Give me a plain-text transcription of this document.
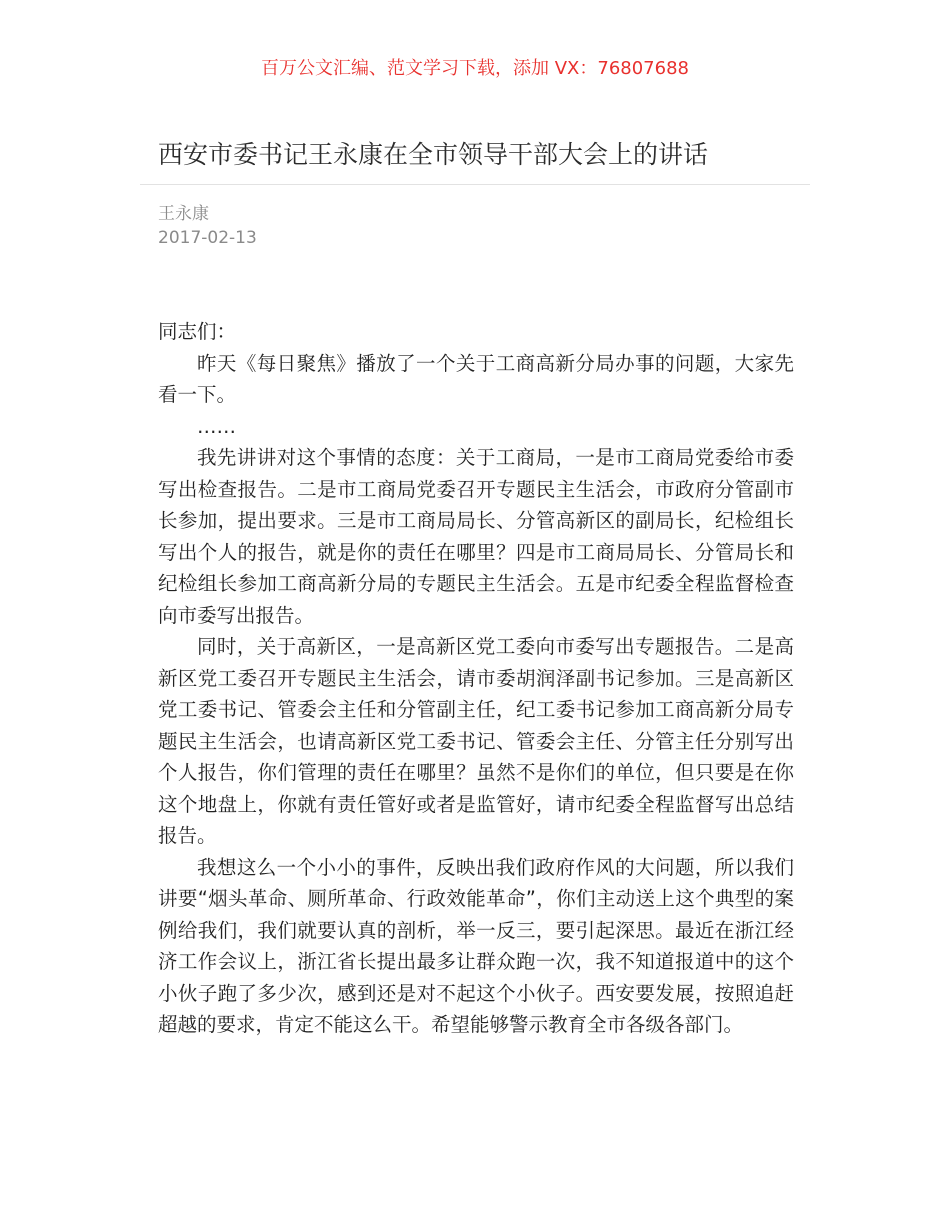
百万公文汇编、范文学习下载，添加 VX：76807688
西安市委书记王永康在全市领导干部大会上的讲话
王永康
2017-02-13

同志们：

昨天《每日聚焦》播放了一个关于工商高新分局办事的问题，大家先看一下。

……

我先讲讲对这个事情的态度：关于工商局，一是市工商局党委给市委写出检查报告。二是市工商局党委召开专题民主生活会，市政府分管副市长参加，提出要求。三是市工商局局长、分管高新区的副局长，纪检组长写出个人的报告，就是你的责任在哪里？四是市工商局局长、分管局长和纪检组长参加工商高新分局的专题民主生活会。五是市纪委全程监督检查向市委写出报告。

同时，关于高新区，一是高新区党工委向市委写出专题报告。二是高新区党工委召开专题民主生活会，请市委胡润泽副书记参加。三是高新区党工委书记、管委会主任和分管副主任，纪工委书记参加工商高新分局专题民主生活会，也请高新区党工委书记、管委会主任、分管主任分别写出个人报告，你们管理的责任在哪里？虽然不是你们的单位，但只要是在你这个地盘上，你就有责任管好或者是监管好，请市纪委全程监督写出总结报告。

我想这么一个小小的事件，反映出我们政府作风的大问题，所以我们讲要“烟头革命、厕所革命、行政效能革命”，你们主动送上这个典型的案例给我们，我们就要认真的剖析，举一反三，要引起深思。最近在浙江经济工作会议上，浙江省长提出最多让群众跑一次，我不知道报道中的这个小伙子跑了多少次，感到还是对不起这个小伙子。西安要发展，按照追赶超越的要求，肯定不能这么干。希望能够警示教育全市各级各部门。
